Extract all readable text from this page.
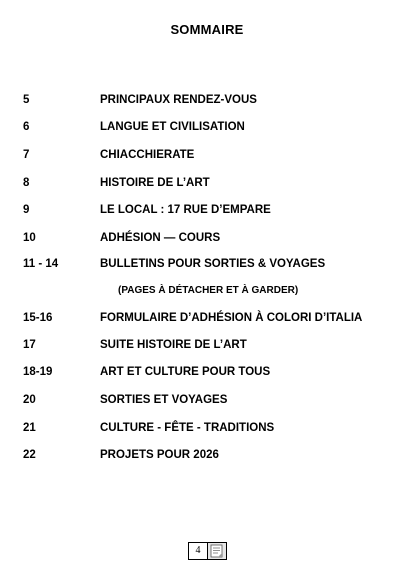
SOMMAIRE
5	PRINCIPAUX RENDEZ-VOUS
6	LANGUE ET CIVILISATION
7	CHIACCHIERATE
8	HISTOIRE DE L’ART
9	LE LOCAL : 17 RUE D’EMPARE
10	ADHÉSION — COURS
11 - 14	BULLETINS POUR SORTIES & VOYAGES
(PAGES À DÉTACHER ET À GARDER)
15-16	FORMULAIRE D’ADHÉSION À COLORI D’ITALIA
17	SUITE HISTOIRE DE L’ART
18-19	ART ET CULTURE POUR TOUS
20	SORTIES ET VOYAGES
21	CULTURE - FÊTE - TRADITIONS
22	PROJETS POUR 2026
4
